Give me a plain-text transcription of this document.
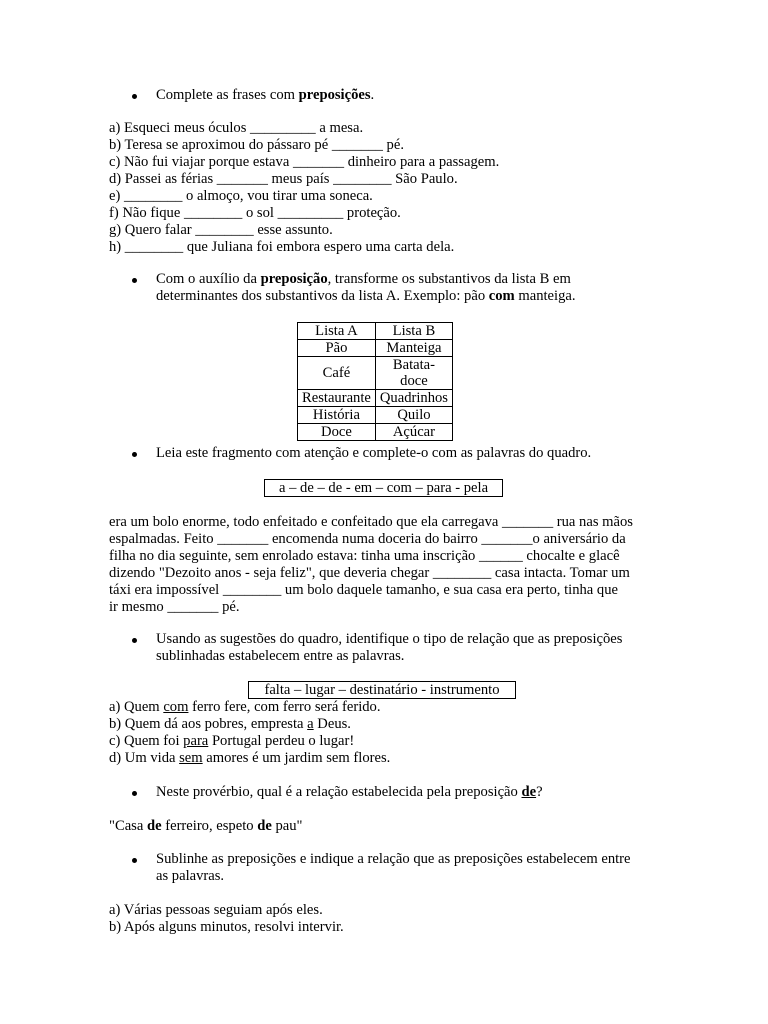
Complete as frases com preposições.
a) Esqueci meus óculos _________ a mesa.
b) Teresa se aproximou do pássaro pé _______ pé.
c) Não fui viajar porque estava _______ dinheiro para a passagem.
d) Passei as férias _______ meus país ________ São Paulo.
e) ________ o almoço, vou tirar uma soneca.
f) Não fique ________ o sol _________ proteção.
g) Quero falar ________ esse assunto.
h) ________ que Juliana foi embora espero uma carta dela.
Com o auxílio da preposição, transforme os substantivos da lista B em
determinantes dos substantivos da lista A. Exemplo: pão com manteiga.
Lista A	Lista B
Pão	Manteiga
Café	Batata-doce
Restaurante	Quadrinhos
História	Quilo
Doce	Açúcar
Leia este fragmento com atenção e complete-o com as palavras do quadro.
a – de – de - em – com – para - pela
era um bolo enorme, todo enfeitado e confeitado que ela carregava _______ rua nas mãos
espalmadas. Feito _______ encomenda numa doceria do bairro _______o aniversário da
filha no dia seguinte, sem enrolado estava: tinha uma inscrição ______ chocalte e glacê
dizendo "Dezoito anos - seja feliz", que deveria chegar ________ casa intacta. Tomar um
táxi era impossível ________ um bolo daquele tamanho, e sua casa era perto, tinha que
ir mesmo _______ pé.
Usando as sugestões do quadro, identifique o tipo de relação que as preposições
sublinhadas estabelecem entre as palavras.
falta – lugar – destinatário - instrumento
a) Quem com ferro fere, com ferro será ferido.
b) Quem dá aos pobres, empresta a Deus.
c) Quem foi para Portugal perdeu o lugar!
d) Um vida sem amores é um jardim sem flores.
Neste provérbio, qual é a relação estabelecida pela preposição de?
"Casa de ferreiro, espeto de pau"
Sublinhe as preposições e indique a relação que as preposições estabelecem entre
as palavras.
a) Várias pessoas seguiam após eles.
b) Após alguns minutos, resolvi intervir.
